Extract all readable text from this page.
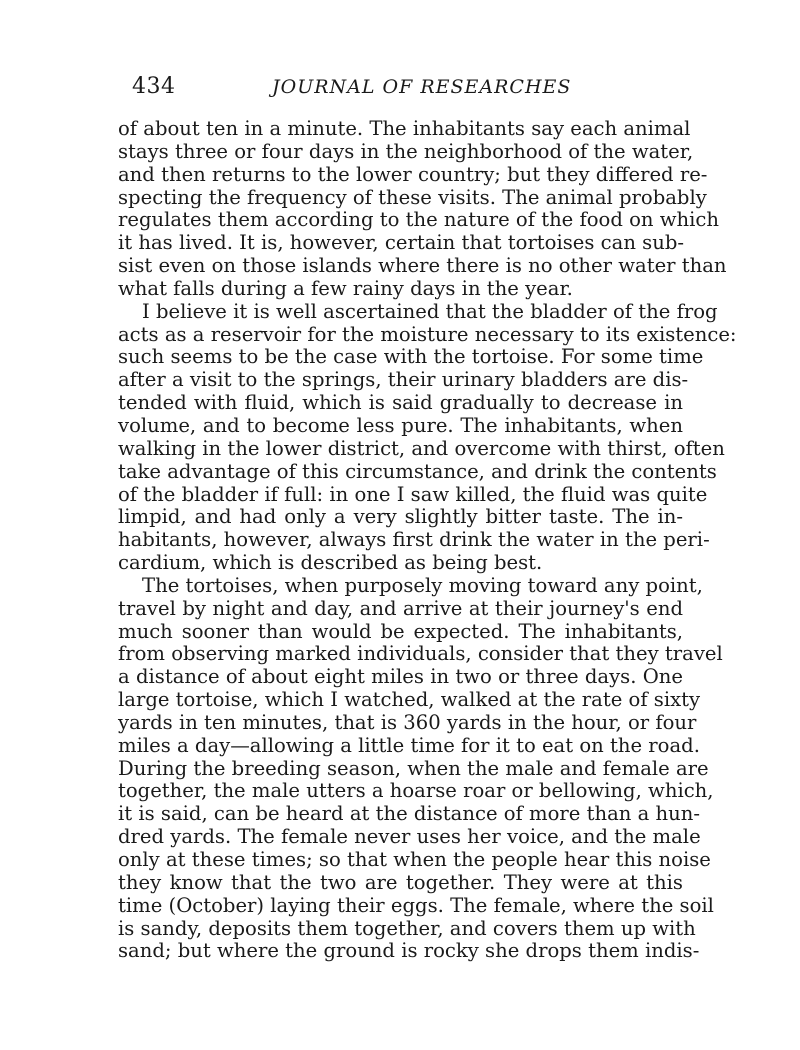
434	JOURNAL OF RESEARCHES
of about ten in a minute. The inhabitants say each animal
stays three or four days in the neighborhood of the water,
and then returns to the lower country; but they differed re-
specting the frequency of these visits. The animal probably
regulates them according to the nature of the food on which
it has lived. It is, however, certain that tortoises can sub-
sist even on those islands where there is no other water than
what falls during a few rainy days in the year.
I believe it is well ascertained that the bladder of the frog
acts as a reservoir for the moisture necessary to its existence:
such seems to be the case with the tortoise. For some time
after a visit to the springs, their urinary bladders are dis-
tended with fluid, which is said gradually to decrease in
volume, and to become less pure. The inhabitants, when
walking in the lower district, and overcome with thirst, often
take advantage of this circumstance, and drink the contents
of the bladder if full: in one I saw killed, the fluid was quite
limpid, and had only a very slightly bitter taste. The in-
habitants, however, always first drink the water in the peri-
cardium, which is described as being best.
The tortoises, when purposely moving toward any point,
travel by night and day, and arrive at their journey's end
much sooner than would be expected. The inhabitants,
from observing marked individuals, consider that they travel
a distance of about eight miles in two or three days. One
large tortoise, which I watched, walked at the rate of sixty
yards in ten minutes, that is 360 yards in the hour, or four
miles a day—allowing a little time for it to eat on the road.
During the breeding season, when the male and female are
together, the male utters a hoarse roar or bellowing, which,
it is said, can be heard at the distance of more than a hun-
dred yards. The female never uses her voice, and the male
only at these times; so that when the people hear this noise
they know that the two are together. They were at this
time (October) laying their eggs. The female, where the soil
is sandy, deposits them together, and covers them up with
sand; but where the ground is rocky she drops them indis-
